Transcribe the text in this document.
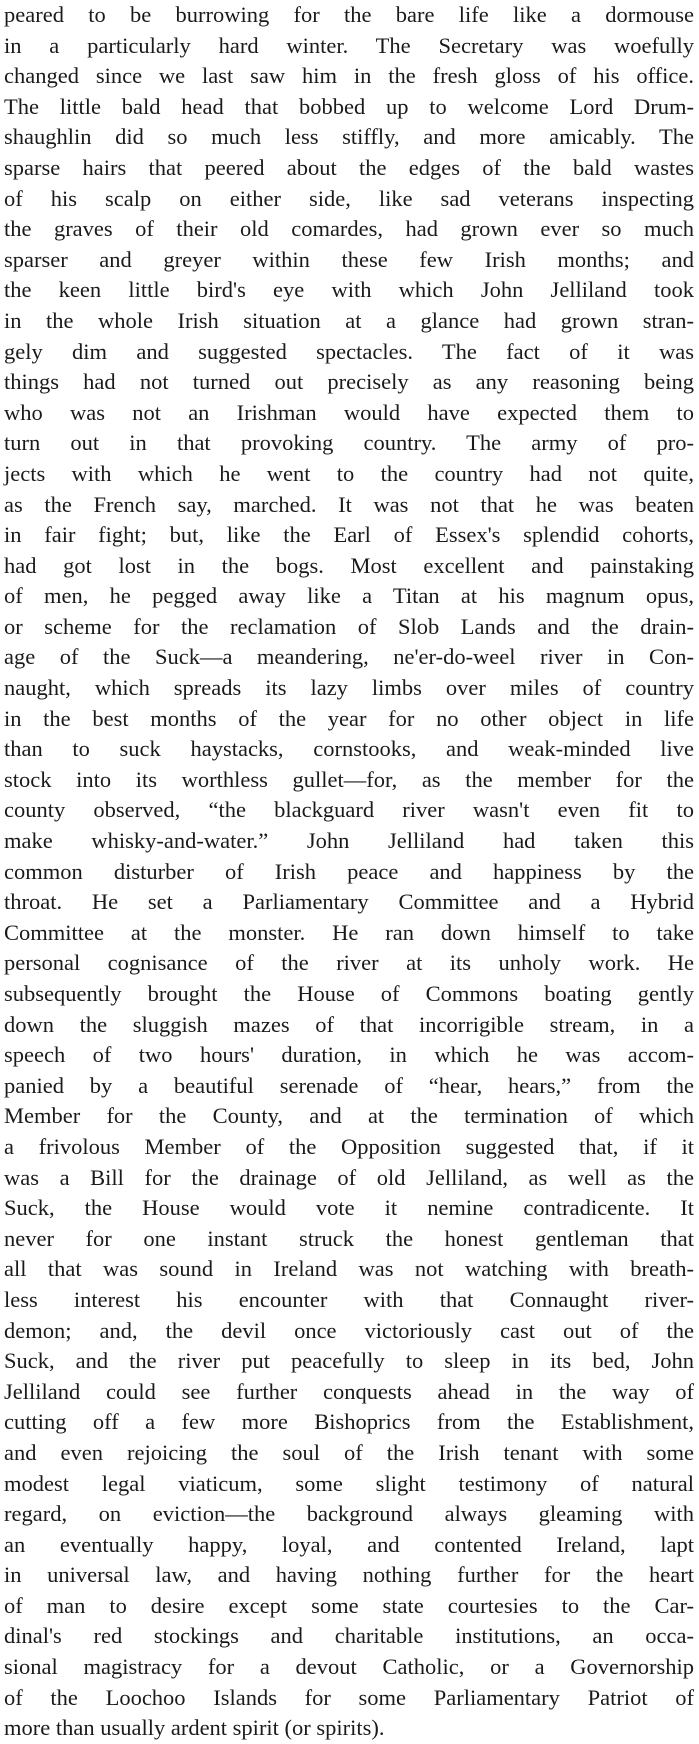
peared to be burrowing for the bare life like a dormouse
in a particularly hard winter. The Secretary was woefully
changed since we last saw him in the fresh gloss of his office.
The little bald head that bobbed up to welcome Lord Drum-
shaughlin did so much less stiffly, and more amicably. The
sparse hairs that peered about the edges of the bald wastes
of his scalp on either side, like sad veterans inspecting
the graves of their old comardes, had grown ever so much
sparser and greyer within these few Irish months; and
the keen little bird's eye with which John Jelliland took
in the whole Irish situation at a glance had grown stran-
gely dim and suggested spectacles. The fact of it was
things had not turned out precisely as any reasoning being
who was not an Irishman would have expected them to
turn out in that provoking country. The army of pro-
jects with which he went to the country had not quite,
as the French say, marched. It was not that he was beaten
in fair fight; but, like the Earl of Essex's splendid cohorts,
had got lost in the bogs. Most excellent and painstaking
of men, he pegged away like a Titan at his magnum opus,
or scheme for the reclamation of Slob Lands and the drain-
age of the Suck—a meandering, ne'er-do-weel river in Con-
naught, which spreads its lazy limbs over miles of country
in the best months of the year for no other object in life
than to suck haystacks, cornstooks, and weak-minded live
stock into its worthless gullet—for, as the member for the
county observed, “the blackguard river wasn't even fit to
make whisky-and-water.” John Jelliland had taken this
common disturber of Irish peace and happiness by the
throat. He set a Parliamentary Committee and a Hybrid
Committee at the monster. He ran down himself to take
personal cognisance of the river at its unholy work. He
subsequently brought the House of Commons boating gently
down the sluggish mazes of that incorrigible stream, in a
speech of two hours' duration, in which he was accom-
panied by a beautiful serenade of “hear, hears,” from the
Member for the County, and at the termination of which
a frivolous Member of the Opposition suggested that, if it
was a Bill for the drainage of old Jelliland, as well as the
Suck, the House would vote it nemine contradicente. It
never for one instant struck the honest gentleman that
all that was sound in Ireland was not watching with breath-
less interest his encounter with that Connaught river-
demon; and, the devil once victoriously cast out of the
Suck, and the river put peacefully to sleep in its bed, John
Jelliland could see further conquests ahead in the way of
cutting off a few more Bishoprics from the Establishment,
and even rejoicing the soul of the Irish tenant with some
modest legal viaticum, some slight testimony of natural
regard, on eviction—the background always gleaming with
an eventually happy, loyal, and contented Ireland, lapt
in universal law, and having nothing further for the heart
of man to desire except some state courtesies to the Car-
dinal's red stockings and charitable institutions, an occa-
sional magistracy for a devout Catholic, or a Governorship
of the Loochoo Islands for some Parliamentary Patriot of
more than usually ardent spirit (or spirits).
